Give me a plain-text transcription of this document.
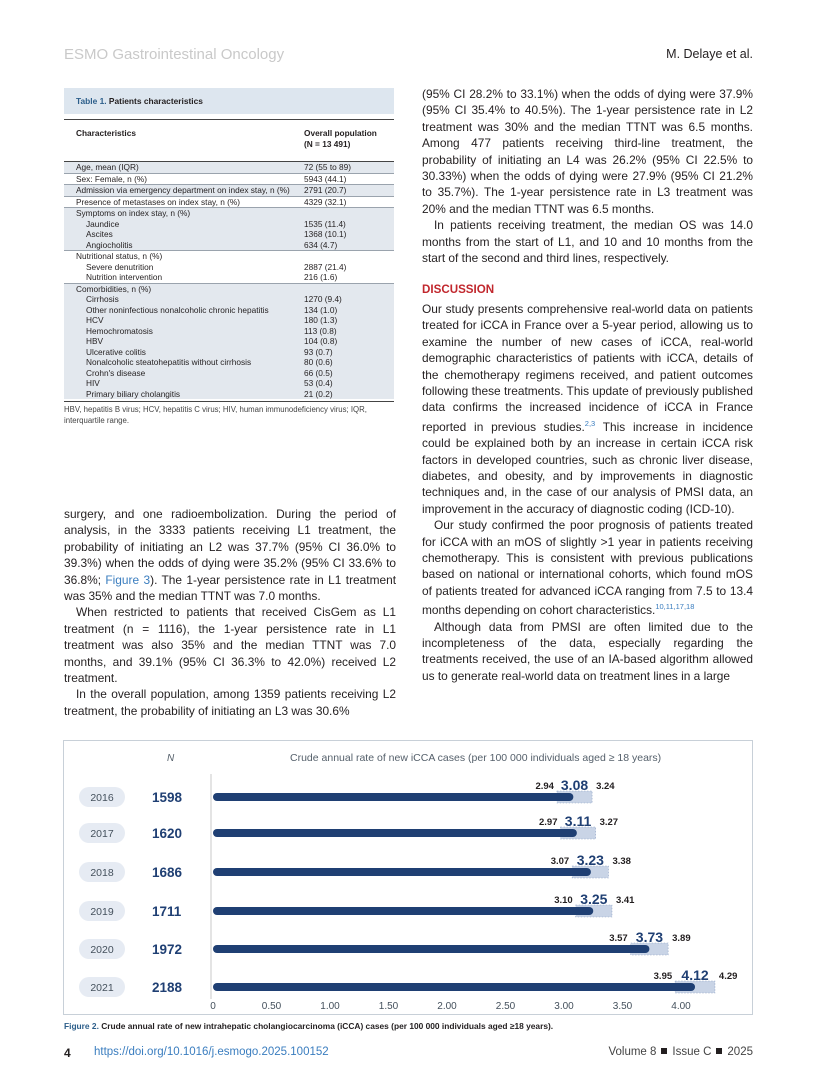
ESMO Gastrointestinal Oncology	M. Delaye et al.
Table 1. Patients characteristics
Characteristics	Overall population
(N = 13 491)
Age, mean (IQR)	72 (55 to 89)
Sex: Female, n (%)	5943 (44.1)
Admission via emergency department on index stay, n (%)	2791 (20.7)
Presence of metastases on index stay, n (%)	4329 (32.1)
Symptoms on index stay, n (%)
Jaundice	1535 (11.4)
Ascites	1368 (10.1)
Angiocholitis	634 (4.7)
Nutritional status, n (%)
Severe denutrition	2887 (21.4)
Nutrition intervention	216 (1.6)
Comorbidities, n (%)
Cirrhosis	1270 (9.4)
Other noninfectious nonalcoholic chronic hepatitis	134 (1.0)
HCV	180 (1.3)
Hemochromatosis	113 (0.8)
HBV	104 (0.8)
Ulcerative colitis	93 (0.7)
Nonalcoholic steatohepatitis without cirrhosis	80 (0.6)
Crohn's disease	66 (0.5)
HIV	53 (0.4)
Primary biliary cholangitis	21 (0.2)
HBV, hepatitis B virus; HCV, hepatitis C virus; HIV, human immunodeficiency virus; IQR, interquartile range.

surgery, and one radioembolization. During the period of analysis, in the 3333 patients receiving L1 treatment, the probability of initiating an L2 was 37.7% (95% CI 36.0% to 39.3%) when the odds of dying were 35.2% (95% CI 33.6% to 36.8%; Figure 3). The 1-year persistence rate in L1 treatment was 35% and the median TTNT was 7.0 months.

When restricted to patients that received CisGem as L1 treatment (n = 1116), the 1-year persistence rate in L1 treatment was also 35% and the median TTNT was 7.0 months, and 39.1% (95% CI 36.3% to 42.0%) received L2 treatment.

In the overall population, among 1359 patients receiving L2 treatment, the probability of initiating an L3 was 30.6%

(95% CI 28.2% to 33.1%) when the odds of dying were 37.9% (95% CI 35.4% to 40.5%). The 1-year persistence rate in L2 treatment was 30% and the median TTNT was 6.5 months. Among 477 patients receiving third-line treatment, the probability of initiating an L4 was 26.2% (95% CI 22.5% to 30.33%) when the odds of dying were 27.9% (95% CI 21.2% to 35.7%). The 1-year persistence rate in L3 treatment was 20% and the median TTNT was 6.5 months.

In patients receiving treatment, the median OS was 14.0 months from the start of L1, and 10 and 10 months from the start of the second and third lines, respectively.

DISCUSSION

Our study presents comprehensive real-world data on patients treated for iCCA in France over a 5-year period, allowing us to examine the number of new cases of iCCA, real-world demographic characteristics of patients with iCCA, details of the chemotherapy regimens received, and patient outcomes following these treatments. This update of previously published data confirms the increased incidence of iCCA in France reported in previous studies.$^{2,3}$ This increase in incidence could be explained both by an increase in certain iCCA risk factors in developed countries, such as chronic liver disease, diabetes, and obesity, and by improvements in diagnostic techniques and, in the case of our analysis of PMSI data, an improvement in the accuracy of diagnostic coding (ICD-10).

Our study confirmed the poor prognosis of patients treated for iCCA with an mOS of slightly >1 year in patients receiving chemotherapy. This is consistent with previous publications based on national or international cohorts, which found mOS of patients treated for advanced iCCA ranging from 7.5 to 13.4 months depending on cohort characteristics.$^{10,11,17,18}$

Although data from PMSI are often limited due to the incompleteness of the data, especially regarding the treatments received, the use of an IA-based algorithm allowed us to generate real-world data on treatment lines in a large

2016	1598
2.94 3.08 3.24
2017	1620
2.97 3.11 3.27
2018	1686
3.07 3.23 3.38
2019	1711
3.10 3.25 3.41
2020	1972
3.57 3.73 3.89
2021	2188
3.95 4.12 4.29
0	0.50	1.00	1.50	2.00	2.50	3.00	3.50	4.00
N	Crude annual rate of new iCCA cases (per 100 000 individuals aged ≥ 18 years)
Figure 2. Crude annual rate of new intrahepatic cholangiocarcinoma (iCCA) cases (per 100 000 individuals aged ≥18 years).
4 https://doi.org/10.1016/j.esmogo.2025.100152	Volume 8 Issue C 2025
